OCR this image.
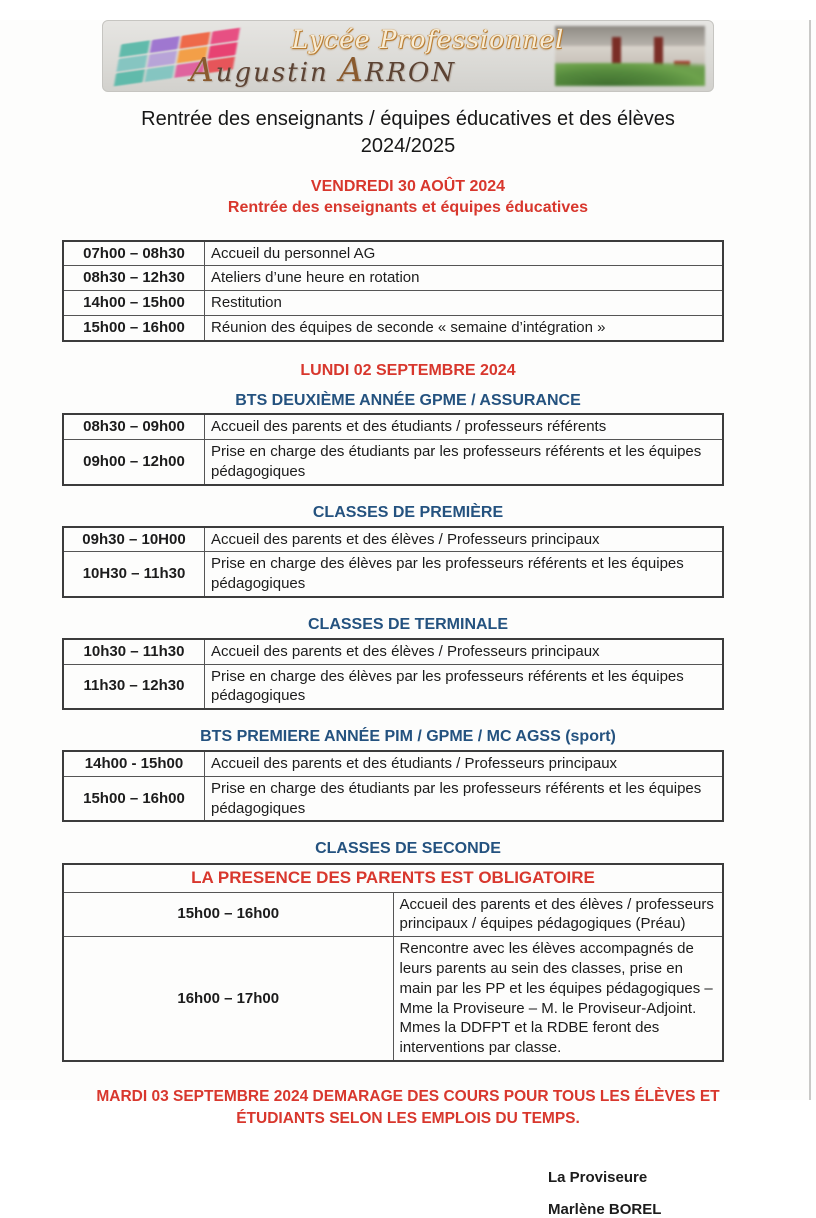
Lycée Professionnel
Augustin ARRON
Rentrée des enseignants / équipes éducatives et des élèves
2024/2025
VENDREDI 30 AOÛT 2024
Rentrée des enseignants et équipes éducatives
07h00 – 08h30	Accueil du personnel AG
08h30 – 12h30	Ateliers d’une heure en rotation
14h00 – 15h00	Restitution
15h00 – 16h00	Réunion des équipes de seconde « semaine d’intégration »
LUNDI 02 SEPTEMBRE 2024
BTS DEUXIÈME ANNÉE GPME / ASSURANCE
08h30 – 09h00	Accueil des parents et des étudiants / professeurs référents
09h00 – 12h00	Prise en charge des étudiants par les professeurs référents et les équipes pédagogiques
CLASSES DE PREMIÈRE
09h30 – 10H00	Accueil des parents et des élèves / Professeurs principaux
10H30 – 11h30	Prise en charge des élèves par les professeurs référents et les équipes pédagogiques
CLASSES DE TERMINALE
10h30 – 11h30	Accueil des parents et des élèves / Professeurs principaux
11h30 – 12h30	Prise en charge des élèves par les professeurs référents et les équipes pédagogiques
BTS PREMIERE ANNÉE PIM / GPME / MC AGSS (sport)
14h00 - 15h00	Accueil des parents et des étudiants / Professeurs principaux
15h00 – 16h00	Prise en charge des étudiants par les professeurs référents et les équipes pédagogiques
CLASSES DE SECONDE
LA PRESENCE DES PARENTS EST OBLIGATOIRE	
15h00 – 16h00	Accueil des parents et des élèves / professeurs principaux / équipes pédagogiques (Préau)
16h00 – 17h00	Rencontre avec les élèves accompagnés de leurs parents au sein des classes, prise en main par les PP et les équipes pédagogiques – Mme la Proviseure – M. le Proviseur-Adjoint. Mmes la DDFPT et la RDBE feront des interventions par classe.
MARDI 03 SEPTEMBRE 2024 DEMARAGE DES COURS POUR TOUS LES ÉLÈVES ET ÉTUDIANTS SELON LES EMPLOIS DU TEMPS.
La Proviseure
Marlène BOREL
